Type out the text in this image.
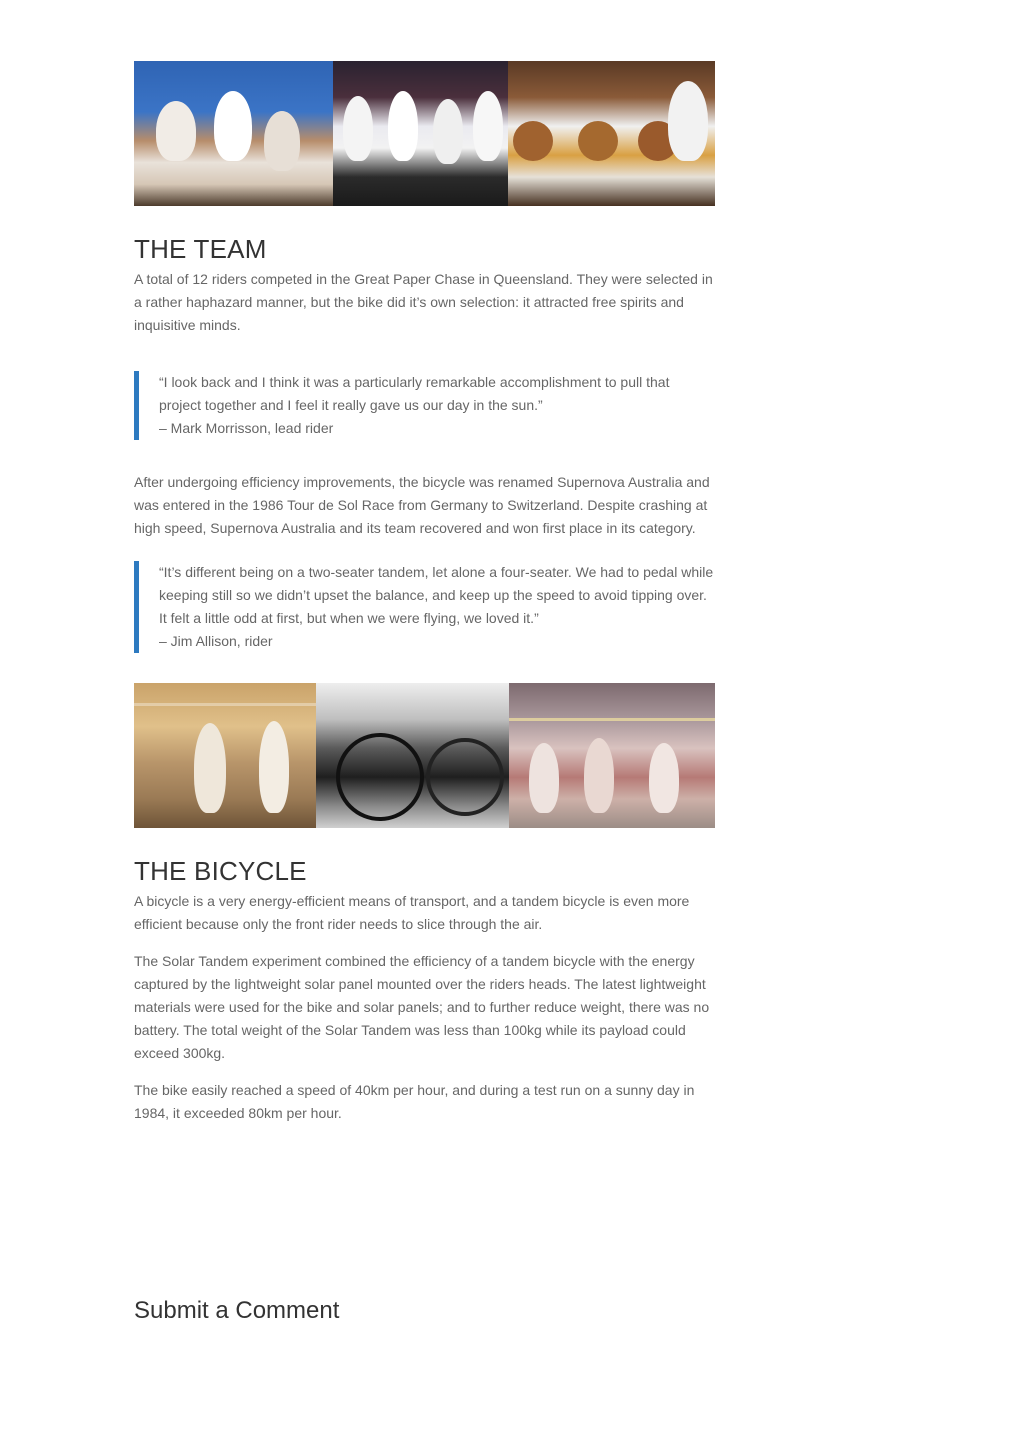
THE TEAM

A total of 12 riders competed in the Great Paper Chase in Queensland. They were selected in a rather haphazard manner, but the bike did it’s own selection: it attracted free spirits and inquisitive minds.

“I look back and I think it was a particularly remarkable accomplishment to pull that project together and I feel it really gave us our day in the sun.”

– Mark Morrisson, lead rider

After undergoing efficiency improvements, the bicycle was renamed Supernova Australia and was entered in the 1986 Tour de Sol Race from Germany to Switzerland. Despite crashing at high speed, Supernova Australia and its team recovered and won first place in its category.

“It’s different being on a two-seater tandem, let alone a four-seater. We had to pedal while keeping still so we didn’t upset the balance, and keep up the speed to avoid tipping over. It felt a little odd at first, but when we were flying, we loved it.”

– Jim Allison, rider

THE BICYCLE

A bicycle is a very energy-efficient means of transport, and a tandem bicycle is even more efficient because only the front rider needs to slice through the air.

The Solar Tandem experiment combined the efficiency of a tandem bicycle with the energy captured by the lightweight solar panel mounted over the riders heads. The latest lightweight materials were used for the bike and solar panels; and to further reduce weight, there was no battery. The total weight of the Solar Tandem was less than 100kg while its payload could exceed 300kg.

The bike easily reached a speed of 40km per hour, and during a test run on a sunny day in 1984, it exceeded 80km per hour.

Submit a Comment
